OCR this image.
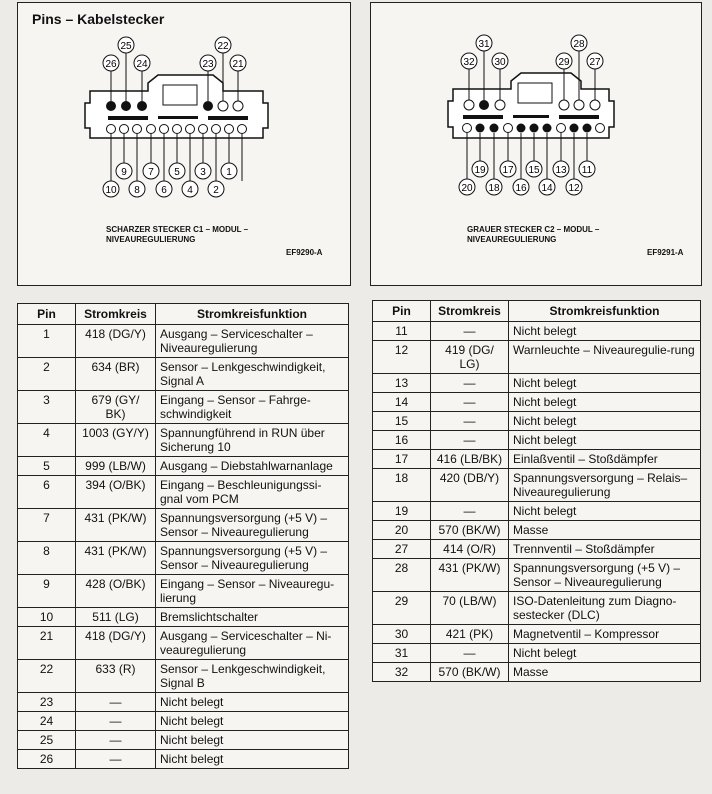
Pins – Kabelstecker
25
26 24
22
23 21
9 7 5 3 1
10 8 6 4 2
SCHARZER STECKER C1 – MODUL –
NIVEAUREGULIERUNG
EF9290-A
31
32 30
28
29 27
19 17 15 13 11
20 18 16 14 12
GRAUER STECKER C2 – MODUL –
NIVEAUREGULIERUNG
EF9291-A
Pin	Stromkreis	Stromkreisfunktion
1	418 (DG/Y)	Ausgang – Serviceschalter – Niveauregulierung
2	634 (BR)	Sensor – Lenkgeschwindigkeit, Signal A
3	679 (GY/ BK)	Eingang – Sensor – Fahrge-schwindigkeit
4	1003 (GY/Y)	Spannungführend in RUN über Sicherung 10
5	999 (LB/W)	Ausgang – Diebstahlwarnanlage
6	394 (O/BK)	Eingang – Beschleunigungssi-gnal vom PCM
7	431 (PK/W)	Spannungsversorgung (+5 V) – Sensor – Niveauregulierung
8	431 (PK/W)	Spannungsversorgung (+5 V) – Sensor – Niveauregulierung
9	428 (O/BK)	Eingang – Sensor – Niveauregu-lierung
10	511 (LG)	Bremslichtschalter
21	418 (DG/Y)	Ausgang – Serviceschalter – Ni-veauregulierung
22	633 (R)	Sensor – Lenkgeschwindigkeit, Signal B
23	—	Nicht belegt
24	—	Nicht belegt
25	—	Nicht belegt
26	—	Nicht belegt
Pin	Stromkreis	Stromkreisfunktion
11	—	Nicht belegt
12	419 (DG/ LG)	Warnleuchte – Niveauregulie-rung
13	—	Nicht belegt
14	—	Nicht belegt
15	—	Nicht belegt
16	—	Nicht belegt
17	416 (LB/BK)	Einlaßventil – Stoßdämpfer
18	420 (DB/Y)	Spannungsversorgung – Relais– Niveauregulierung
19	—	Nicht belegt
20	570 (BK/W)	Masse
27	414 (O/R)	Trennventil – Stoßdämpfer
28	431 (PK/W)	Spannungsversorgung (+5 V) – Sensor – Niveauregulierung
29	70 (LB/W)	ISO-Datenleitung zum Diagno-sestecker (DLC)
30	421 (PK)	Magnetventil – Kompressor
31	—	Nicht belegt
32	570 (BK/W)	Masse
